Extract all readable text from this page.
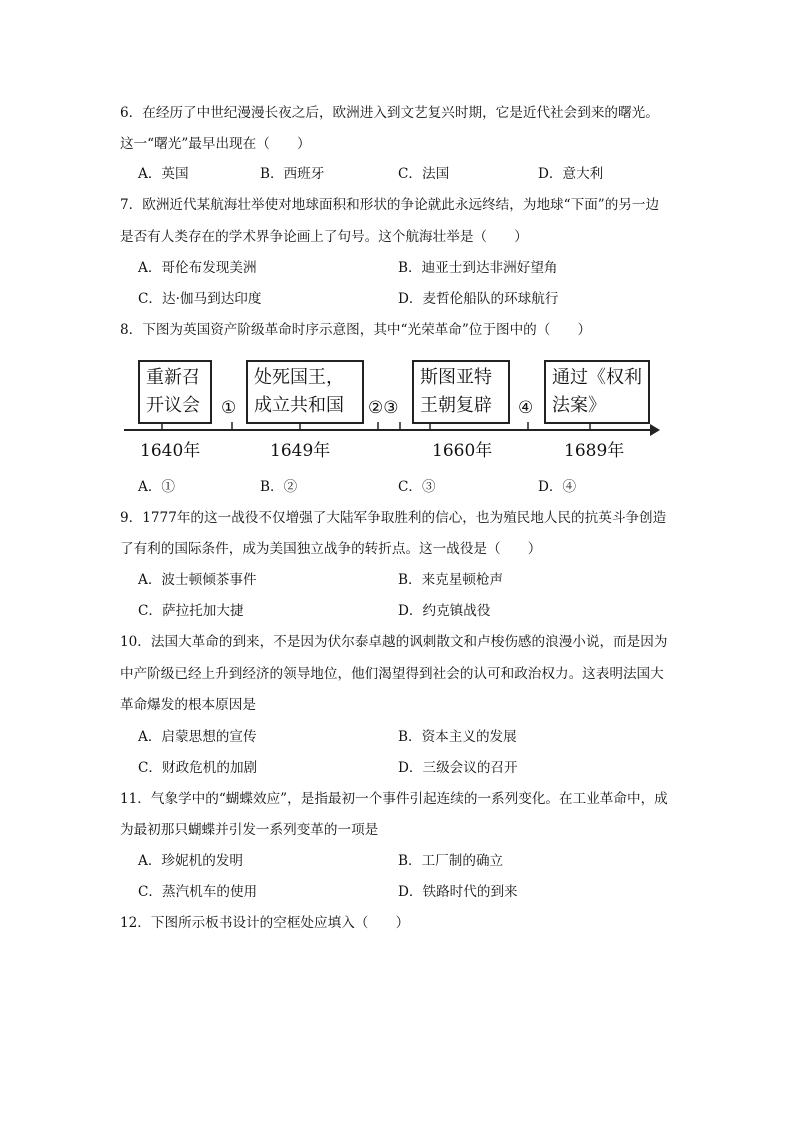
6．在经历了中世纪漫漫长夜之后，欧洲进入到文艺复兴时期，它是近代社会到来的曙光。
这一“曙光”最早出现在（　　）
A．英国	B．西班牙	C．法国	D．意大利
7．欧洲近代某航海壮举使对地球面积和形状的争论就此永远终结，为地球“下面”的另一边
是否有人类存在的学术界争论画上了句号。这个航海壮举是（　　）
A．哥伦布发现美洲	B．迪亚士到达非洲好望角
C．达·伽马到达印度	D．麦哲伦船队的环球航行
8．下图为英国资产阶级革命时序示意图，其中“光荣革命”位于图中的（　　）
重新召
开议会
处死国王，
成立共和国
斯图亚特
王朝复辟
通过《权利
法案》
①	②③	④
1640年	1649年	1660年	1689年
A．①	B．②	C．③	D．④
9．1777年的这一战役不仅增强了大陆军争取胜利的信心，也为殖民地人民的抗英斗争创造
了有利的国际条件，成为美国独立战争的转折点。这一战役是（　　）
A．波士顿倾茶事件	B．来克星顿枪声
C．萨拉托加大捷	D．约克镇战役
10．法国大革命的到来，不是因为伏尔泰卓越的讽刺散文和卢梭伤感的浪漫小说，而是因为
中产阶级已经上升到经济的领导地位，他们渴望得到社会的认可和政治权力。这表明法国大
革命爆发的根本原因是
A．启蒙思想的宣传	B．资本主义的发展
C．财政危机的加剧	D．三级会议的召开
11．气象学中的“蝴蝶效应”，是指最初一个事件引起连续的一系列变化。在工业革命中，成
为最初那只蝴蝶并引发一系列变革的一项是
A．珍妮机的发明	B．工厂制的确立
C．蒸汽机车的使用	D．铁路时代的到来
12．下图所示板书设计的空框处应填入（　　）
